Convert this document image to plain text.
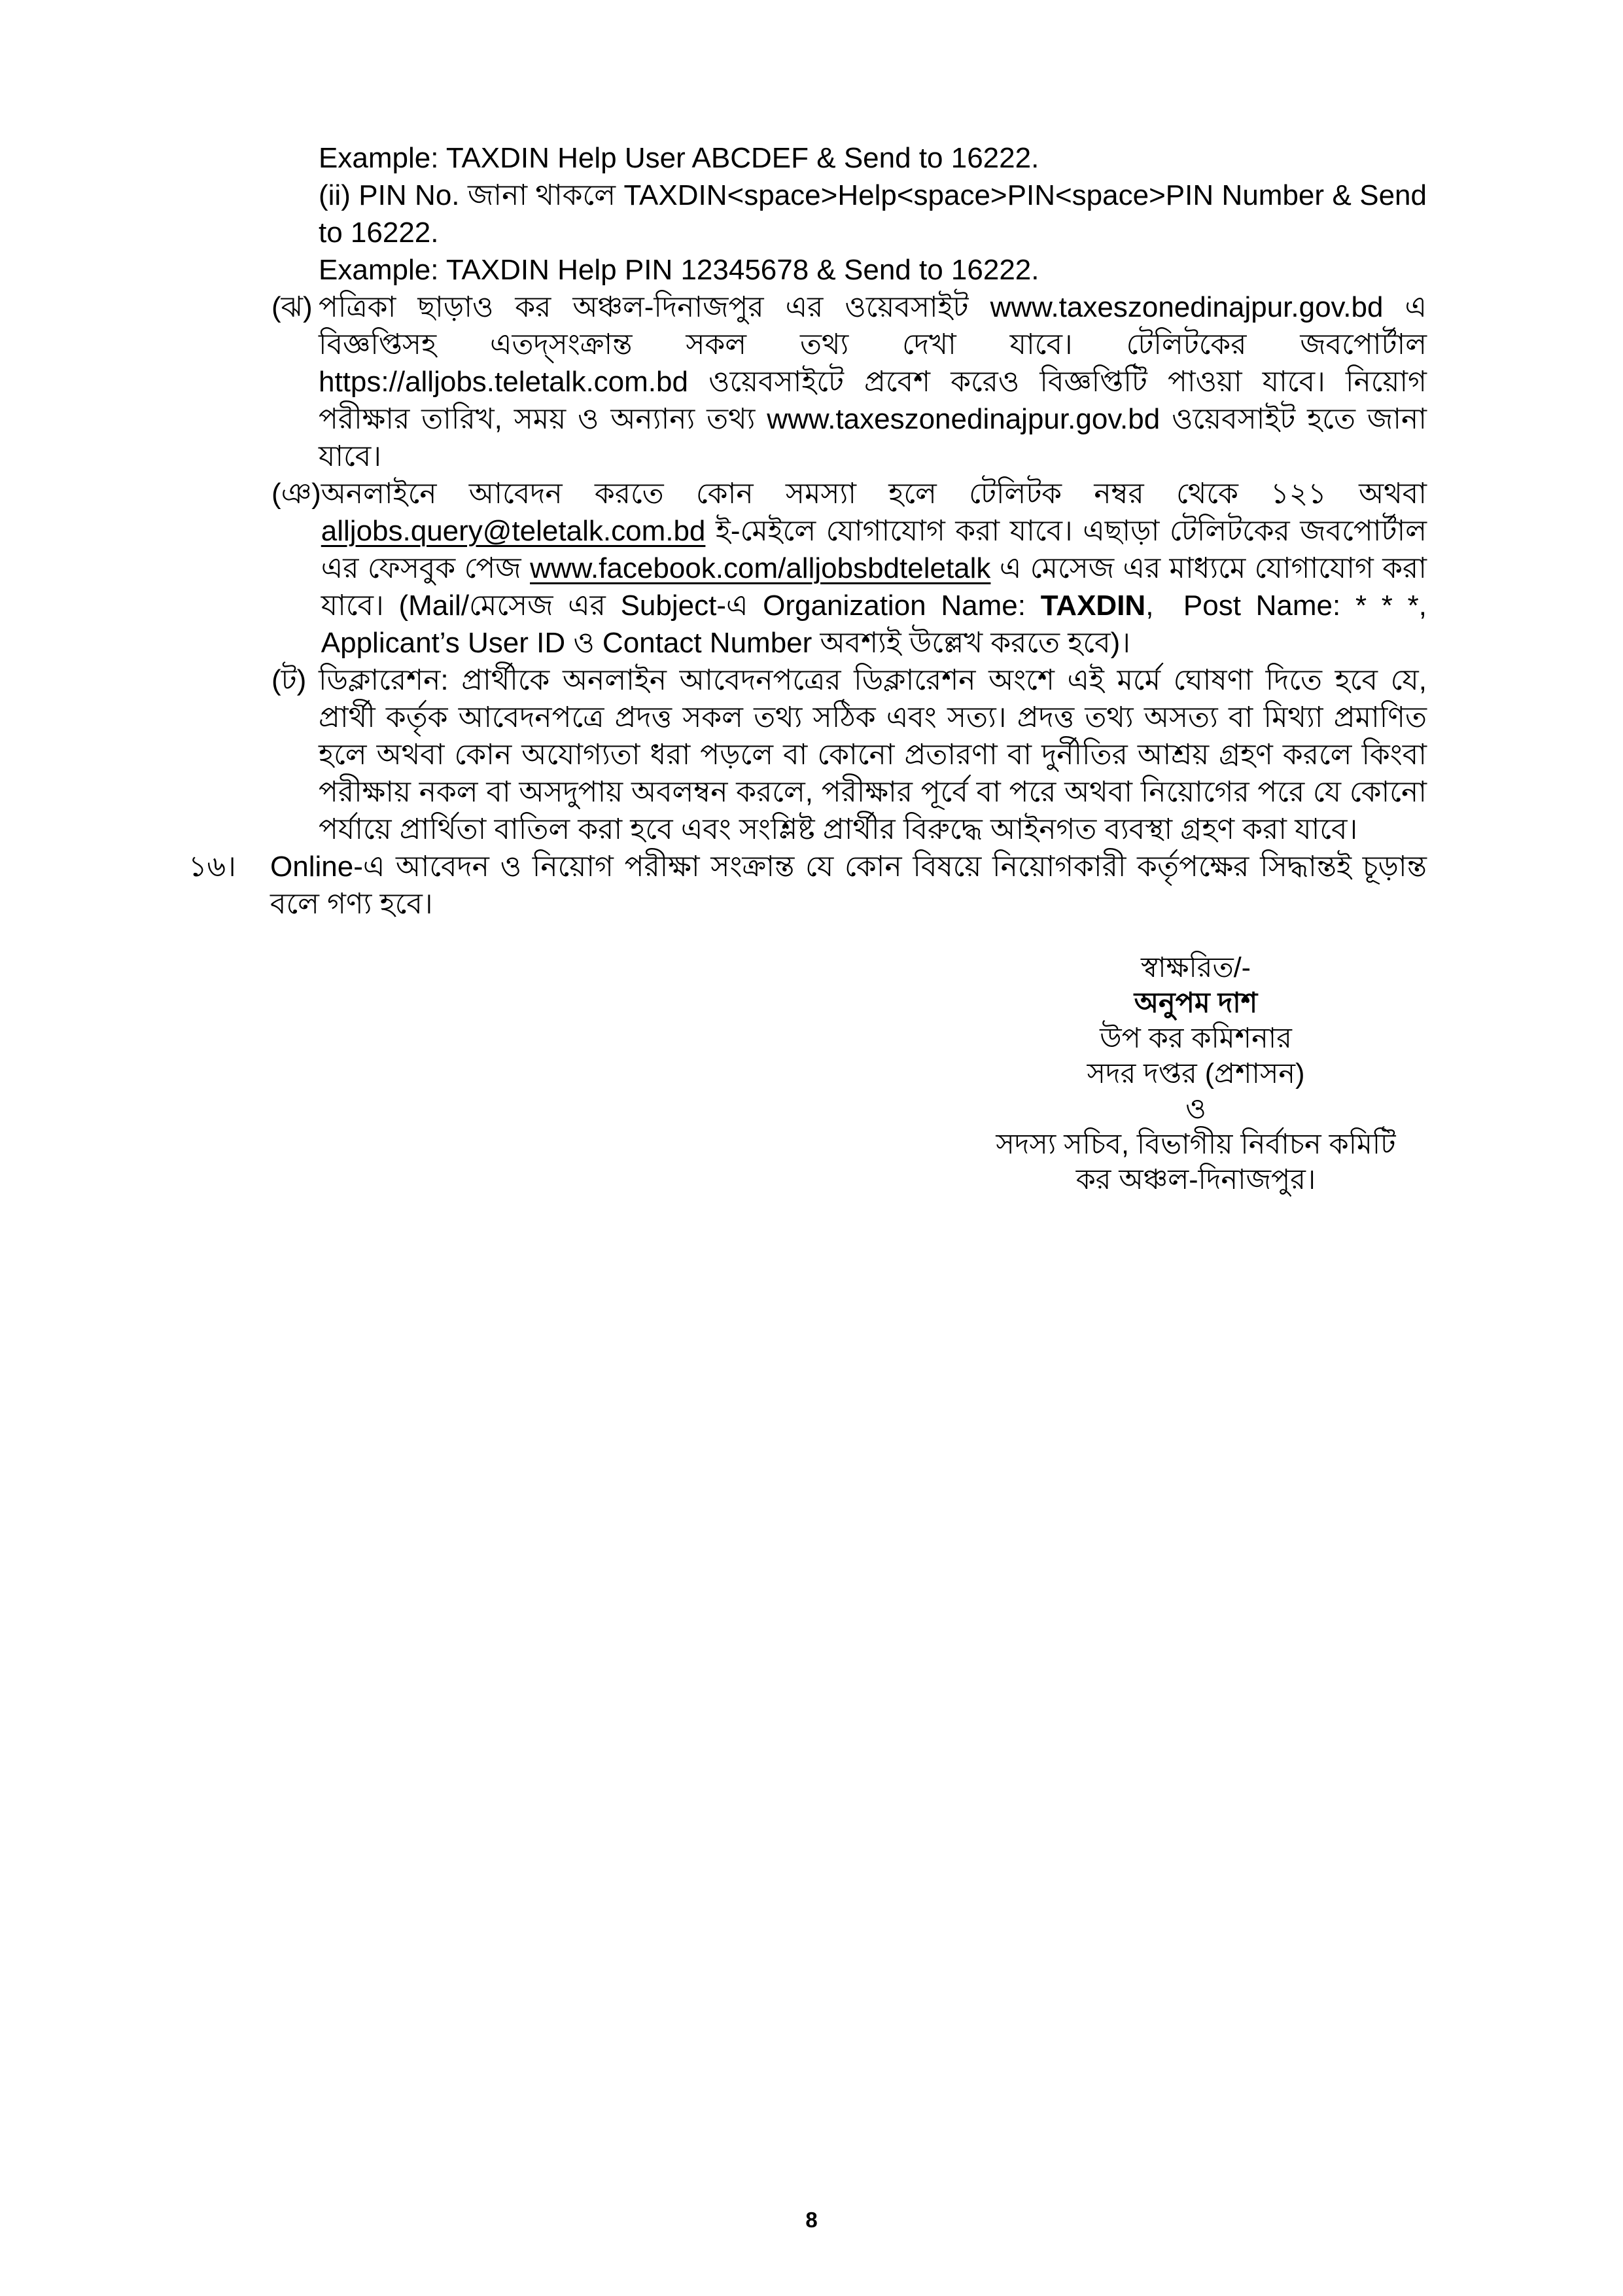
Example: TAXDIN Help User ABCDEF & Send to 16222.
(ii) PIN No. জানা থাকলে TAXDIN<space>Help<space>PIN<space>PIN Number & Send to 16222.
Example: TAXDIN Help PIN 12345678 & Send to 16222.
(ঝ) পত্রিকা ছাড়াও কর অঞ্চল-দিনাজপুর এর ওয়েবসাইট www.taxeszonedinajpur.gov.bd এ বিজ্ঞপ্তিসহ এতদ্‌সংক্রান্ত সকল তথ্য দেখা যাবে। টেলিটকের জবপোর্টাল https://alljobs.teletalk.com.bd ওয়েবসাইটে প্রবেশ করেও বিজ্ঞপ্তিটি পাওয়া যাবে। নিয়োগ পরীক্ষার তারিখ, সময় ও অন্যান্য তথ্য www.taxeszonedinajpur.gov.bd ওয়েবসাইট হতে জানা যাবে।
(ঞ) অনলাইনে আবেদন করতে কোন সমস্যা হলে টেলিটক নম্বর থেকে ১২১ অথবা alljobs.query@teletalk.com.bd ই-মেইলে যোগাযোগ করা যাবে। এছাড়া টেলিটকের জবপোর্টাল এর ফেসবুক পেজ www.facebook.com/alljobsbdteletalk এ মেসেজ এর মাধ্যমে যোগাযোগ করা যাবে। (Mail/মেসেজ এর Subject-এ Organization Name: TAXDIN,  Post Name: * * *, Applicant’s User ID ও Contact Number অবশ্যই উল্লেখ করতে হবে)।
(ট) ডিক্লারেশন: প্রার্থীকে অনলাইন আবেদনপত্রের ডিক্লারেশন অংশে এই মর্মে ঘোষণা দিতে হবে যে, প্রার্থী কর্তৃক আবেদনপত্রে প্রদত্ত সকল তথ্য সঠিক এবং সত্য। প্রদত্ত তথ্য অসত্য বা মিথ্যা প্রমাণিত হলে অথবা কোন অযোগ্যতা ধরা পড়লে বা কোনো প্রতারণা বা দুর্নীতির আশ্রয় গ্রহণ করলে কিংবা পরীক্ষায় নকল বা অসদুপায় অবলম্বন করলে, পরীক্ষার পূর্বে বা পরে অথবা নিয়োগের পরে যে কোনো পর্যায়ে প্রার্থিতা বাতিল করা হবে এবং সংশ্লিষ্ট প্রার্থীর বিরুদ্ধে আইনগত ব্যবস্থা গ্রহণ করা যাবে।
১৬।	Online-এ আবেদন ও নিয়োগ পরীক্ষা সংক্রান্ত যে কোন বিষয়ে নিয়োগকারী কর্তৃপক্ষের সিদ্ধান্তই চূড়ান্ত বলে গণ্য হবে।
স্বাক্ষরিত/-
অনুপম দাশ
উপ কর কমিশনার
সদর দপ্তর (প্রশাসন)
ও
সদস্য সচিব, বিভাগীয় নির্বাচন কমিটি
কর অঞ্চল-দিনাজপুর।
8
